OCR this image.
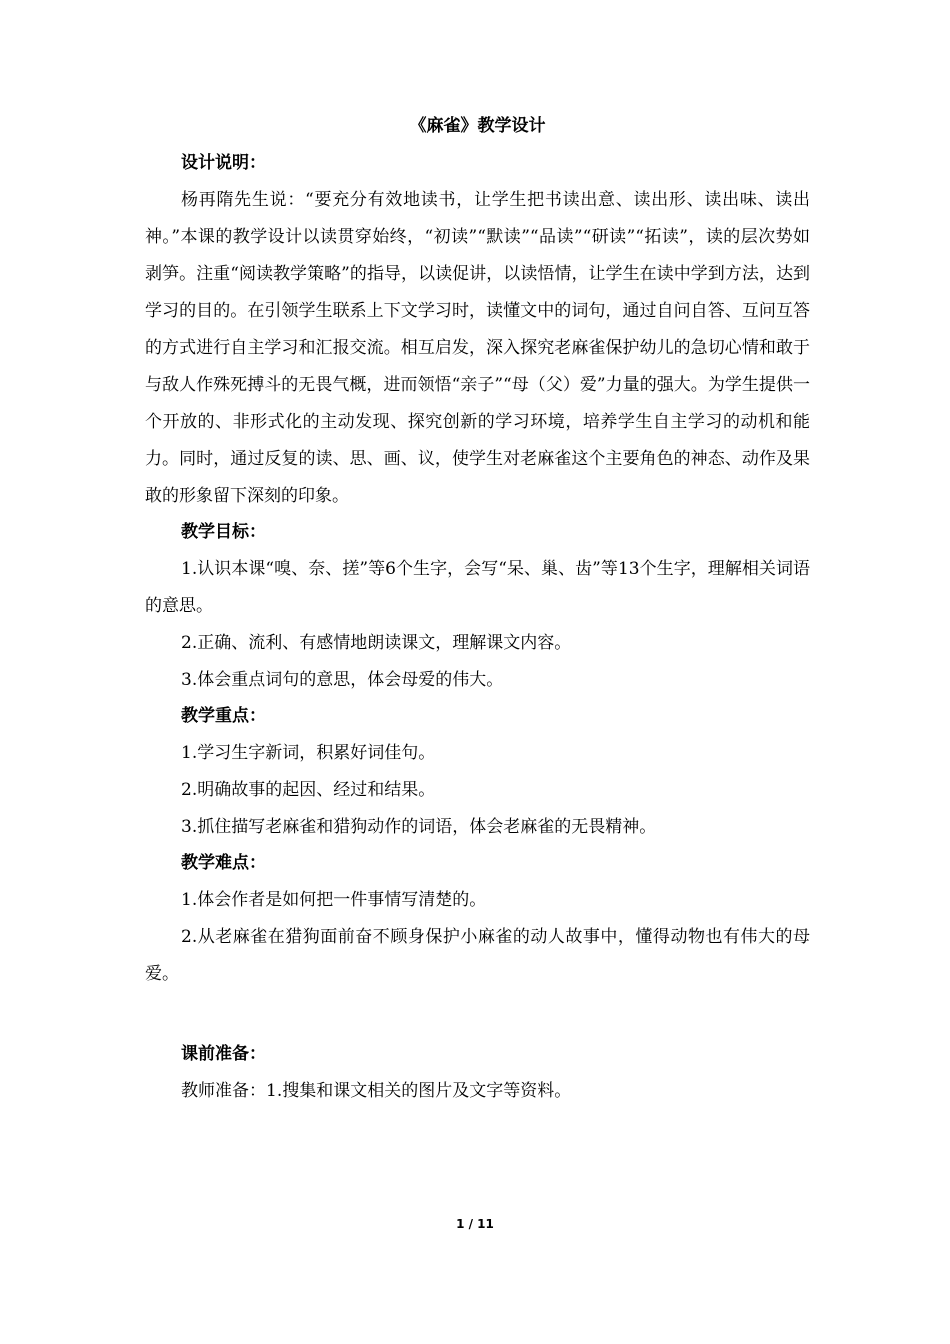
《麻雀》教学设计
设计说明：

杨再隋先生说：“要充分有效地读书，让学生把书读出意、读出形、读出味、读出神。”本课的教学设计以读贯穿始终，“初读”“默读”“品读”“研读”“拓读”，读的层次势如剥笋。注重“阅读教学策略”的指导，以读促讲，以读悟情，让学生在读中学到方法，达到学习的目的。在引领学生联系上下文学习时，读懂文中的词句，通过自问自答、互问互答的方式进行自主学习和汇报交流。相互启发，深入探究老麻雀保护幼儿的急切心情和敢于与敌人作殊死搏斗的无畏气概，进而领悟“亲子”“母（父）爱”力量的强大。为学生提供一个开放的、非形式化的主动发现、探究创新的学习环境，培养学生自主学习的动机和能力。同时，通过反复的读、思、画、议，使学生对老麻雀这个主要角色的神态、动作及果敢的形象留下深刻的印象。

教学目标：

1.认识本课“嗅、奈、搓”等6个生字，会写“呆、巢、齿”等13个生字，理解相关词语的意思。

2.正确、流利、有感情地朗读课文，理解课文内容。

3.体会重点词句的意思，体会母爱的伟大。

教学重点：

1.学习生字新词，积累好词佳句。

2.明确故事的起因、经过和结果。

3.抓住描写老麻雀和猎狗动作的词语，体会老麻雀的无畏精神。

教学难点：

1.体会作者是如何把一件事情写清楚的。

2.从老麻雀在猎狗面前奋不顾身保护小麻雀的动人故事中，懂得动物也有伟大的母爱。

课前准备：

教师准备：1.搜集和课文相关的图片及文字等资料。

1 / 11
